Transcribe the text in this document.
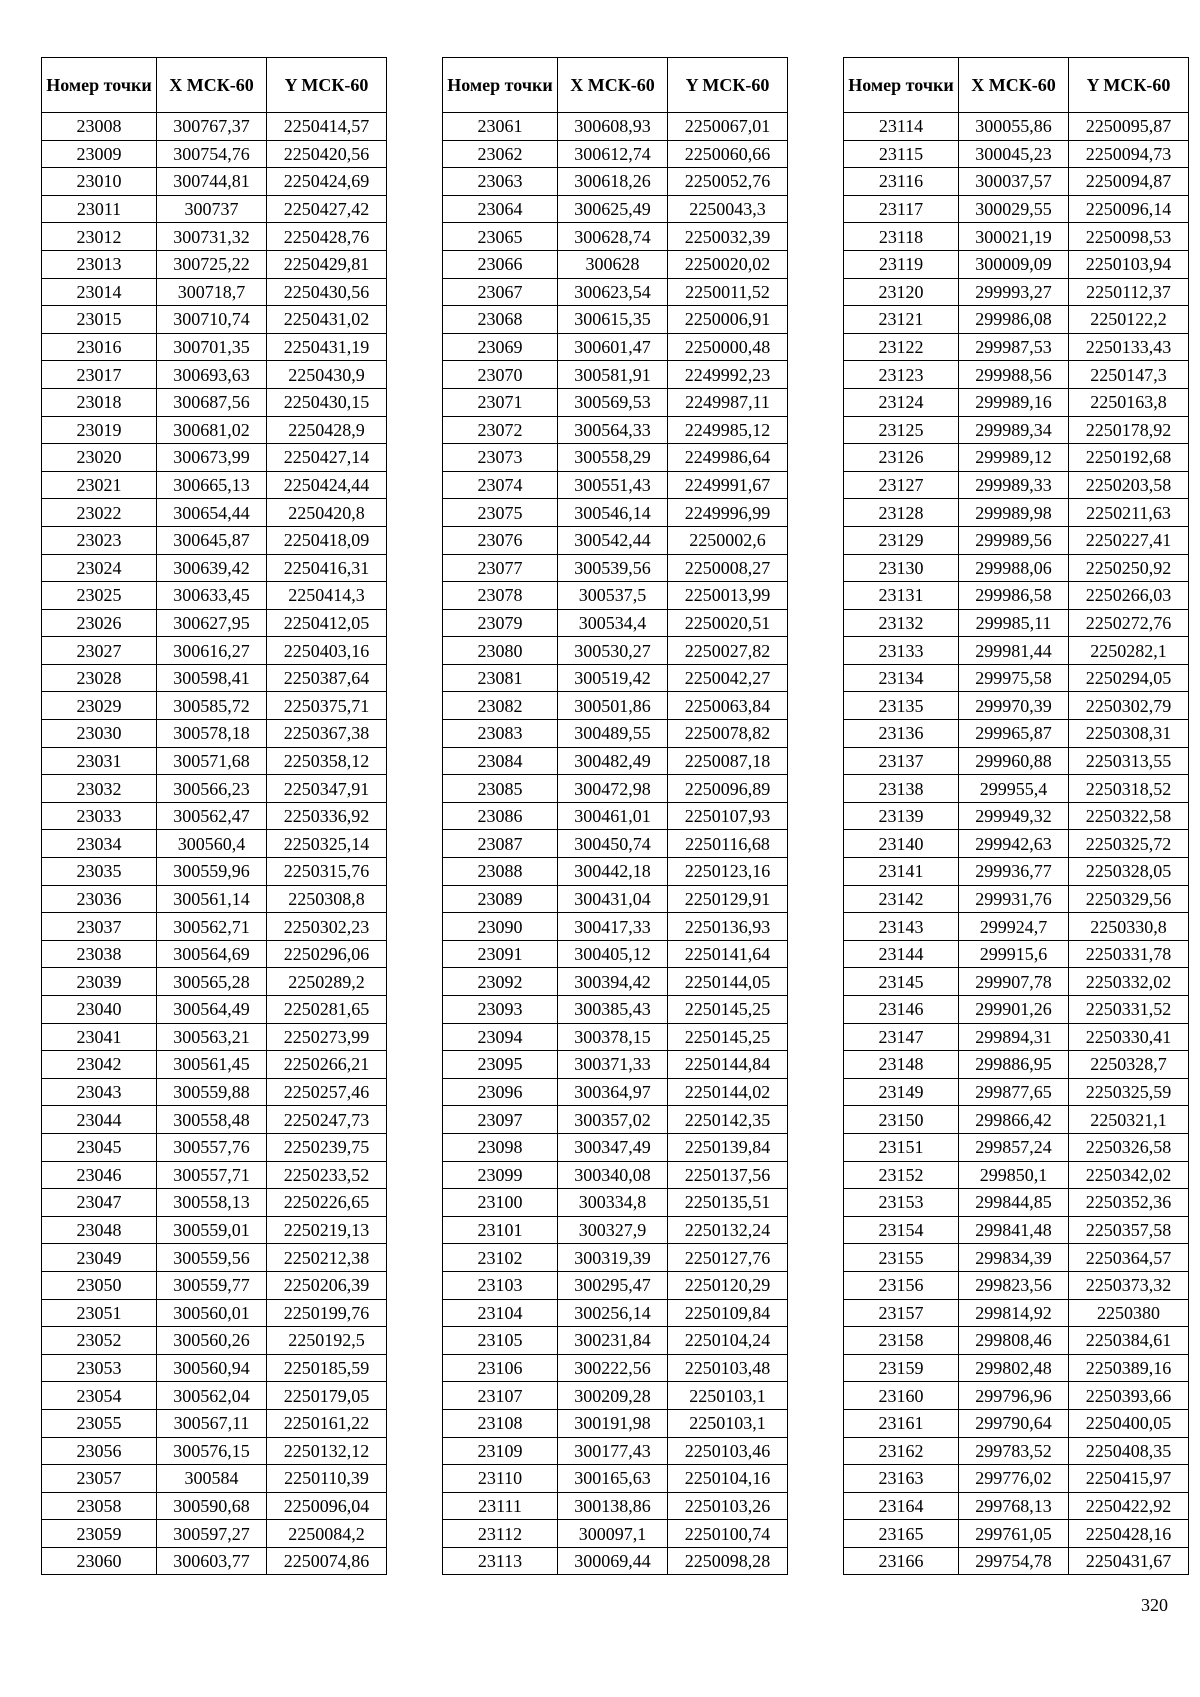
Номер точки	X МСК-60	Y МСК-60
23008	300767,37	2250414,57
23009	300754,76	2250420,56
23010	300744,81	2250424,69
23011	300737	2250427,42
23012	300731,32	2250428,76
23013	300725,22	2250429,81
23014	300718,7	2250430,56
23015	300710,74	2250431,02
23016	300701,35	2250431,19
23017	300693,63	2250430,9
23018	300687,56	2250430,15
23019	300681,02	2250428,9
23020	300673,99	2250427,14
23021	300665,13	2250424,44
23022	300654,44	2250420,8
23023	300645,87	2250418,09
23024	300639,42	2250416,31
23025	300633,45	2250414,3
23026	300627,95	2250412,05
23027	300616,27	2250403,16
23028	300598,41	2250387,64
23029	300585,72	2250375,71
23030	300578,18	2250367,38
23031	300571,68	2250358,12
23032	300566,23	2250347,91
23033	300562,47	2250336,92
23034	300560,4	2250325,14
23035	300559,96	2250315,76
23036	300561,14	2250308,8
23037	300562,71	2250302,23
23038	300564,69	2250296,06
23039	300565,28	2250289,2
23040	300564,49	2250281,65
23041	300563,21	2250273,99
23042	300561,45	2250266,21
23043	300559,88	2250257,46
23044	300558,48	2250247,73
23045	300557,76	2250239,75
23046	300557,71	2250233,52
23047	300558,13	2250226,65
23048	300559,01	2250219,13
23049	300559,56	2250212,38
23050	300559,77	2250206,39
23051	300560,01	2250199,76
23052	300560,26	2250192,5
23053	300560,94	2250185,59
23054	300562,04	2250179,05
23055	300567,11	2250161,22
23056	300576,15	2250132,12
23057	300584	2250110,39
23058	300590,68	2250096,04
23059	300597,27	2250084,2
23060	300603,77	2250074,86
Номер точки	X МСК-60	Y МСК-60
23061	300608,93	2250067,01
23062	300612,74	2250060,66
23063	300618,26	2250052,76
23064	300625,49	2250043,3
23065	300628,74	2250032,39
23066	300628	2250020,02
23067	300623,54	2250011,52
23068	300615,35	2250006,91
23069	300601,47	2250000,48
23070	300581,91	2249992,23
23071	300569,53	2249987,11
23072	300564,33	2249985,12
23073	300558,29	2249986,64
23074	300551,43	2249991,67
23075	300546,14	2249996,99
23076	300542,44	2250002,6
23077	300539,56	2250008,27
23078	300537,5	2250013,99
23079	300534,4	2250020,51
23080	300530,27	2250027,82
23081	300519,42	2250042,27
23082	300501,86	2250063,84
23083	300489,55	2250078,82
23084	300482,49	2250087,18
23085	300472,98	2250096,89
23086	300461,01	2250107,93
23087	300450,74	2250116,68
23088	300442,18	2250123,16
23089	300431,04	2250129,91
23090	300417,33	2250136,93
23091	300405,12	2250141,64
23092	300394,42	2250144,05
23093	300385,43	2250145,25
23094	300378,15	2250145,25
23095	300371,33	2250144,84
23096	300364,97	2250144,02
23097	300357,02	2250142,35
23098	300347,49	2250139,84
23099	300340,08	2250137,56
23100	300334,8	2250135,51
23101	300327,9	2250132,24
23102	300319,39	2250127,76
23103	300295,47	2250120,29
23104	300256,14	2250109,84
23105	300231,84	2250104,24
23106	300222,56	2250103,48
23107	300209,28	2250103,1
23108	300191,98	2250103,1
23109	300177,43	2250103,46
23110	300165,63	2250104,16
23111	300138,86	2250103,26
23112	300097,1	2250100,74
23113	300069,44	2250098,28
Номер точки	X МСК-60	Y МСК-60
23114	300055,86	2250095,87
23115	300045,23	2250094,73
23116	300037,57	2250094,87
23117	300029,55	2250096,14
23118	300021,19	2250098,53
23119	300009,09	2250103,94
23120	299993,27	2250112,37
23121	299986,08	2250122,2
23122	299987,53	2250133,43
23123	299988,56	2250147,3
23124	299989,16	2250163,8
23125	299989,34	2250178,92
23126	299989,12	2250192,68
23127	299989,33	2250203,58
23128	299989,98	2250211,63
23129	299989,56	2250227,41
23130	299988,06	2250250,92
23131	299986,58	2250266,03
23132	299985,11	2250272,76
23133	299981,44	2250282,1
23134	299975,58	2250294,05
23135	299970,39	2250302,79
23136	299965,87	2250308,31
23137	299960,88	2250313,55
23138	299955,4	2250318,52
23139	299949,32	2250322,58
23140	299942,63	2250325,72
23141	299936,77	2250328,05
23142	299931,76	2250329,56
23143	299924,7	2250330,8
23144	299915,6	2250331,78
23145	299907,78	2250332,02
23146	299901,26	2250331,52
23147	299894,31	2250330,41
23148	299886,95	2250328,7
23149	299877,65	2250325,59
23150	299866,42	2250321,1
23151	299857,24	2250326,58
23152	299850,1	2250342,02
23153	299844,85	2250352,36
23154	299841,48	2250357,58
23155	299834,39	2250364,57
23156	299823,56	2250373,32
23157	299814,92	2250380
23158	299808,46	2250384,61
23159	299802,48	2250389,16
23160	299796,96	2250393,66
23161	299790,64	2250400,05
23162	299783,52	2250408,35
23163	299776,02	2250415,97
23164	299768,13	2250422,92
23165	299761,05	2250428,16
23166	299754,78	2250431,67
320
